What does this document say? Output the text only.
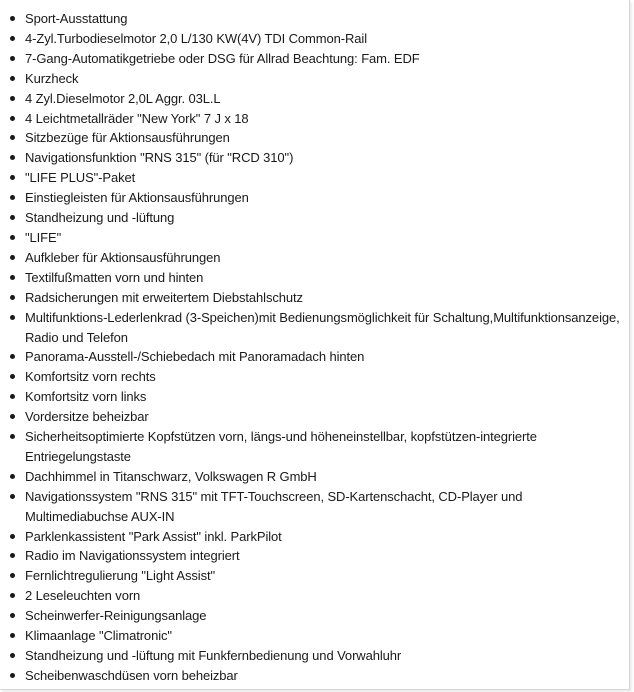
Sport-Ausstattung
4-Zyl.Turbodieselmotor 2,0 L/130 KW(4V) TDI Common-Rail
7-Gang-Automatikgetriebe oder DSG für Allrad Beachtung: Fam. EDF
Kurzheck
4 Zyl.Dieselmotor 2,0L Aggr. 03L.L
4 Leichtmetallräder "New York" 7 J x 18
Sitzbezüge für Aktionsausführungen
Navigationsfunktion "RNS 315" (für "RCD 310")
"LIFE PLUS"-Paket
Einstiegleisten für Aktionsausführungen
Standheizung und -lüftung
"LIFE"
Aufkleber für Aktionsausführungen
Textilfußmatten vorn und hinten
Radsicherungen mit erweitertem Diebstahlschutz
Multifunktions-Lederlenkrad (3-Speichen)mit Bedienungsmöglichkeit für Schaltung,Multifunktionsanzeige, Radio und Telefon
Panorama-Ausstell-/Schiebedach mit Panoramadach hinten
Komfortsitz vorn rechts
Komfortsitz vorn links
Vordersitze beheizbar
Sicherheitsoptimierte Kopfstützen vorn, längs-und höheneinstellbar, kopfstützen-integrierte Entriegelungstaste
Dachhimmel in Titanschwarz, Volkswagen R GmbH
Navigationssystem "RNS 315" mit TFT-Touchscreen, SD-Kartenschacht, CD-Player und Multimediabuchse AUX-IN
Parklenkassistent "Park Assist" inkl. ParkPilot
Radio im Navigationssystem integriert
Fernlichtregulierung "Light Assist"
2 Leseleuchten vorn
Scheinwerfer-Reinigungsanlage
Klimaanlage "Climatronic"
Standheizung und -lüftung mit Funkfernbedienung und Vorwahluhr
Scheibenwaschdüsen vorn beheizbar
